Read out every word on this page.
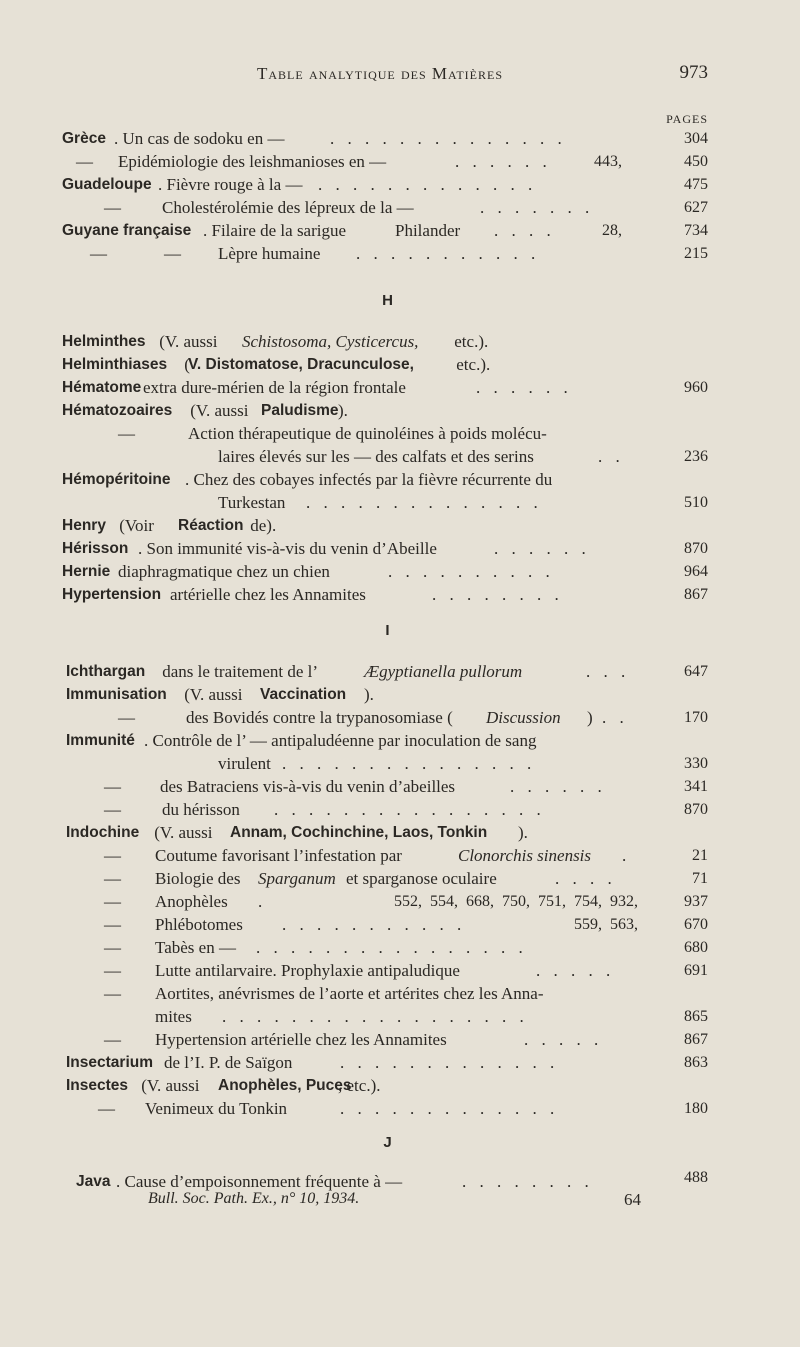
Table analytique des Matières	973
PAGES
Grèce . Un cas de sodoku en —	. . . . . . . . . . . . . .	304
— Epidémiologie des leishmanioses en —	. . . . . .	443,	450
Guadeloupe . Fièvre rouge à la — . . . . . . . . . . . . .	475
— Cholestérolémie des lépreux de la —	. . . . . . .	627
Guyane française . Filaire de la sarigue	Philander . . . .	28,	734
—	— Lèpre humaine . . . . . . . . . . .	215
H
Helminthes (V. aussi Schistosoma, Cysticercus, etc.).
Helminthiases (
V. Distomatose, Dracunculose, etc.).
Hématome extra dure-mérien de la région frontale	. . . . . .	960
Hématozoaires (V. aussi Paludisme ).
—	Action thérapeutique de quinoléines à poids molécu-
laires élevés sur les — des calfats et des serins	. .	236
Hémopéritoine . Chez des cobayes infectés par la fièvre récurrente du
Turkestan . . . . . . . . . . . . . .	510
Henry (Voir Réaction de).
Hérisson . Son immunité vis-à-vis du venin d’Abeille	. . . . . .	870
Hernie diaphragmatique chez un chien	. . . . . . . . . .	964
Hypertension artérielle chez les Annamites	. . . . . . . .	867
I
Ichthargan dans le traitement de l’	Ægyptianella pullorum	. . .	647
Immunisation (V. aussi Vaccination ).
—	des Bovidés contre la trypanosomiase ( Discussion ) . .	170
Immunité . Contrôle de l’ — antipaludéenne par inoculation de sang
virulent . . . . . . . . . . . . . . .	330
— des Batraciens vis-à-vis du venin d’abeilles	. . . . . .	341
— du hérisson . . . . . . . . . . . . . . . .	870
Indochine (V. aussi Annam, Cochinchine, Laos, Tonkin ).
— Coutume favorisant l’infestation par	Clonorchis sinensis .	21
— Biologie des Sparganum et sparganose oculaire	. . . .	71
— Anophèles .	552,  554,  668,  750,  751,  754,  932,	937
— Phlébotomes . . . . . . . . . . .	559,  563,	670
— Tabès en — . . . . . . . . . . . . . . . .	680
— Lutte antilarvaire. Prophylaxie antipaludique	. . . . .	691
— Aortites, anévrismes de l’aorte et artérites chez les Anna-
mites . . . . . . . . . . . . . . . . . .	865
— Hypertension artérielle chez les Annamites	. . . . .	867
Insectarium de l’I. P. de Saïgon	. . . . . . . . . . . . .	863
Insectes (V. aussi Anophèles, Puces
, etc.).
— Venimeux du Tonkin	. . . . . . . . . . . . .	180
J
Java . Cause d’empoisonnement fréquente à —	. . . . . . . .	488
Bull. Soc. Path. Ex., n° 10, 1934.	64
